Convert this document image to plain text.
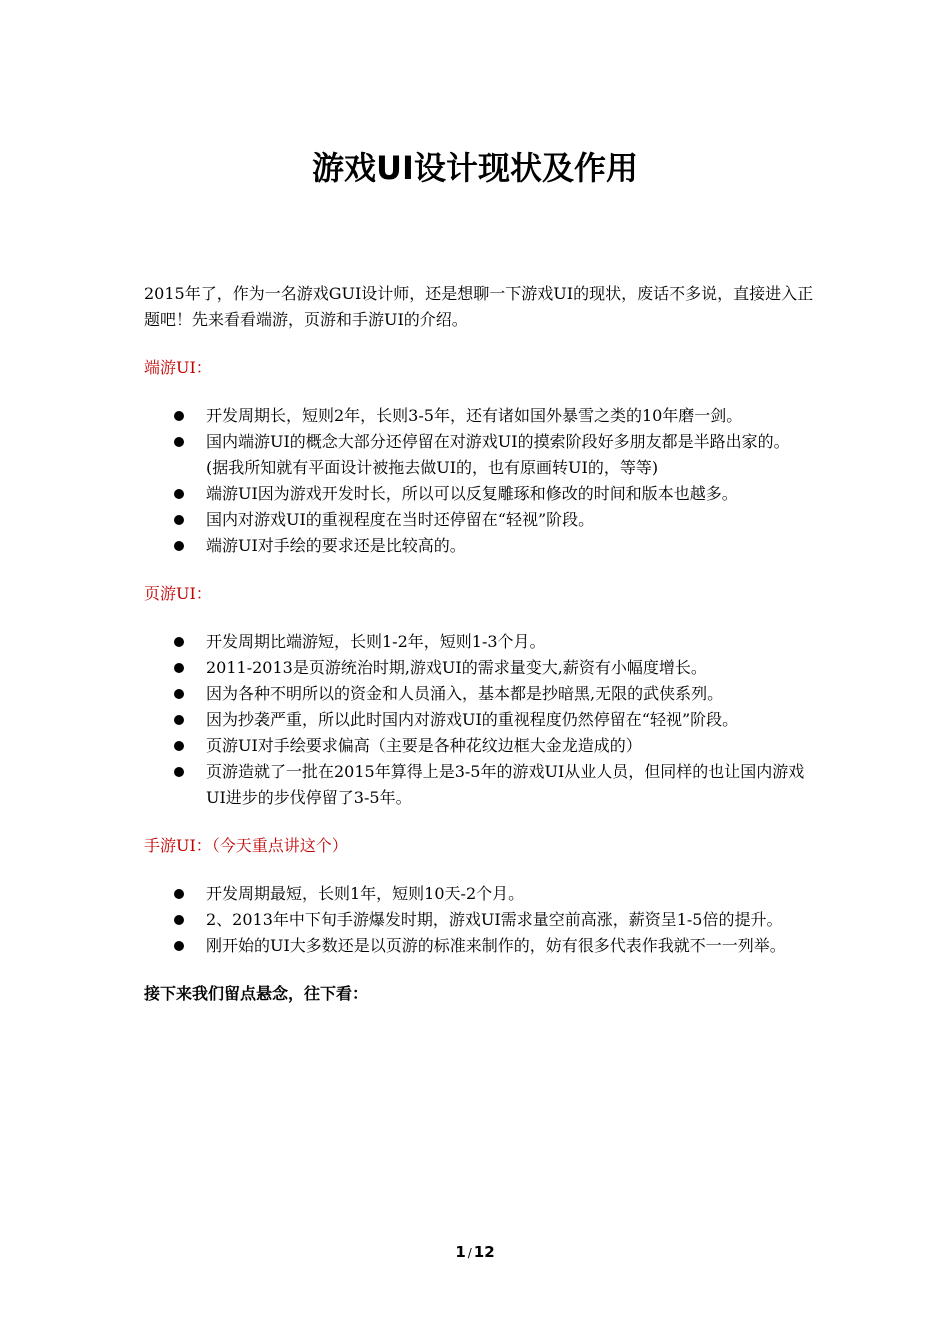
游戏UI设计现状及作用

2015年了，作为一名游戏GUI设计师，还是想聊一下游戏UI的现状，废话不多说，直接进入正题吧！先来看看端游，页游和手游UI的介绍。

端游UI：

开发周期长，短则2年，长则3-5年，还有诸如国外暴雪之类的10年磨一剑。
国内端游UI的概念大部分还停留在对游戏UI的摸索阶段好多朋友都是半路出家的。(据我所知就有平面设计被拖去做UI的，也有原画转UI的，等等)
端游UI因为游戏开发时长，所以可以反复雕琢和修改的时间和版本也越多。
国内对游戏UI的重视程度在当时还停留在“轻视”阶段。
端游UI对手绘的要求还是比较高的。

页游UI：

开发周期比端游短，长则1-2年，短则1-3个月。
2011-2013是页游统治时期,游戏UI的需求量变大,薪资有小幅度增长。
因为各种不明所以的资金和人员涌入，基本都是抄暗黑,无限的武侠系列。
因为抄袭严重，所以此时国内对游戏UI的重视程度仍然停留在“轻视”阶段。
页游UI对手绘要求偏高（主要是各种花纹边框大金龙造成的）
页游造就了一批在2015年算得上是3-5年的游戏UI从业人员，但同样的也让国内游戏UI进步的步伐停留了3-5年。

手游UI：（今天重点讲这个）

开发周期最短，长则1年，短则10天-2个月。
2、2013年中下旬手游爆发时期，游戏UI需求量空前高涨，薪资呈1-5倍的提升。
刚开始的UI大多数还是以页游的标准来制作的，妨有很多代表作我就不一一列举。

接下来我们留点悬念，往下看：

1 / 12
